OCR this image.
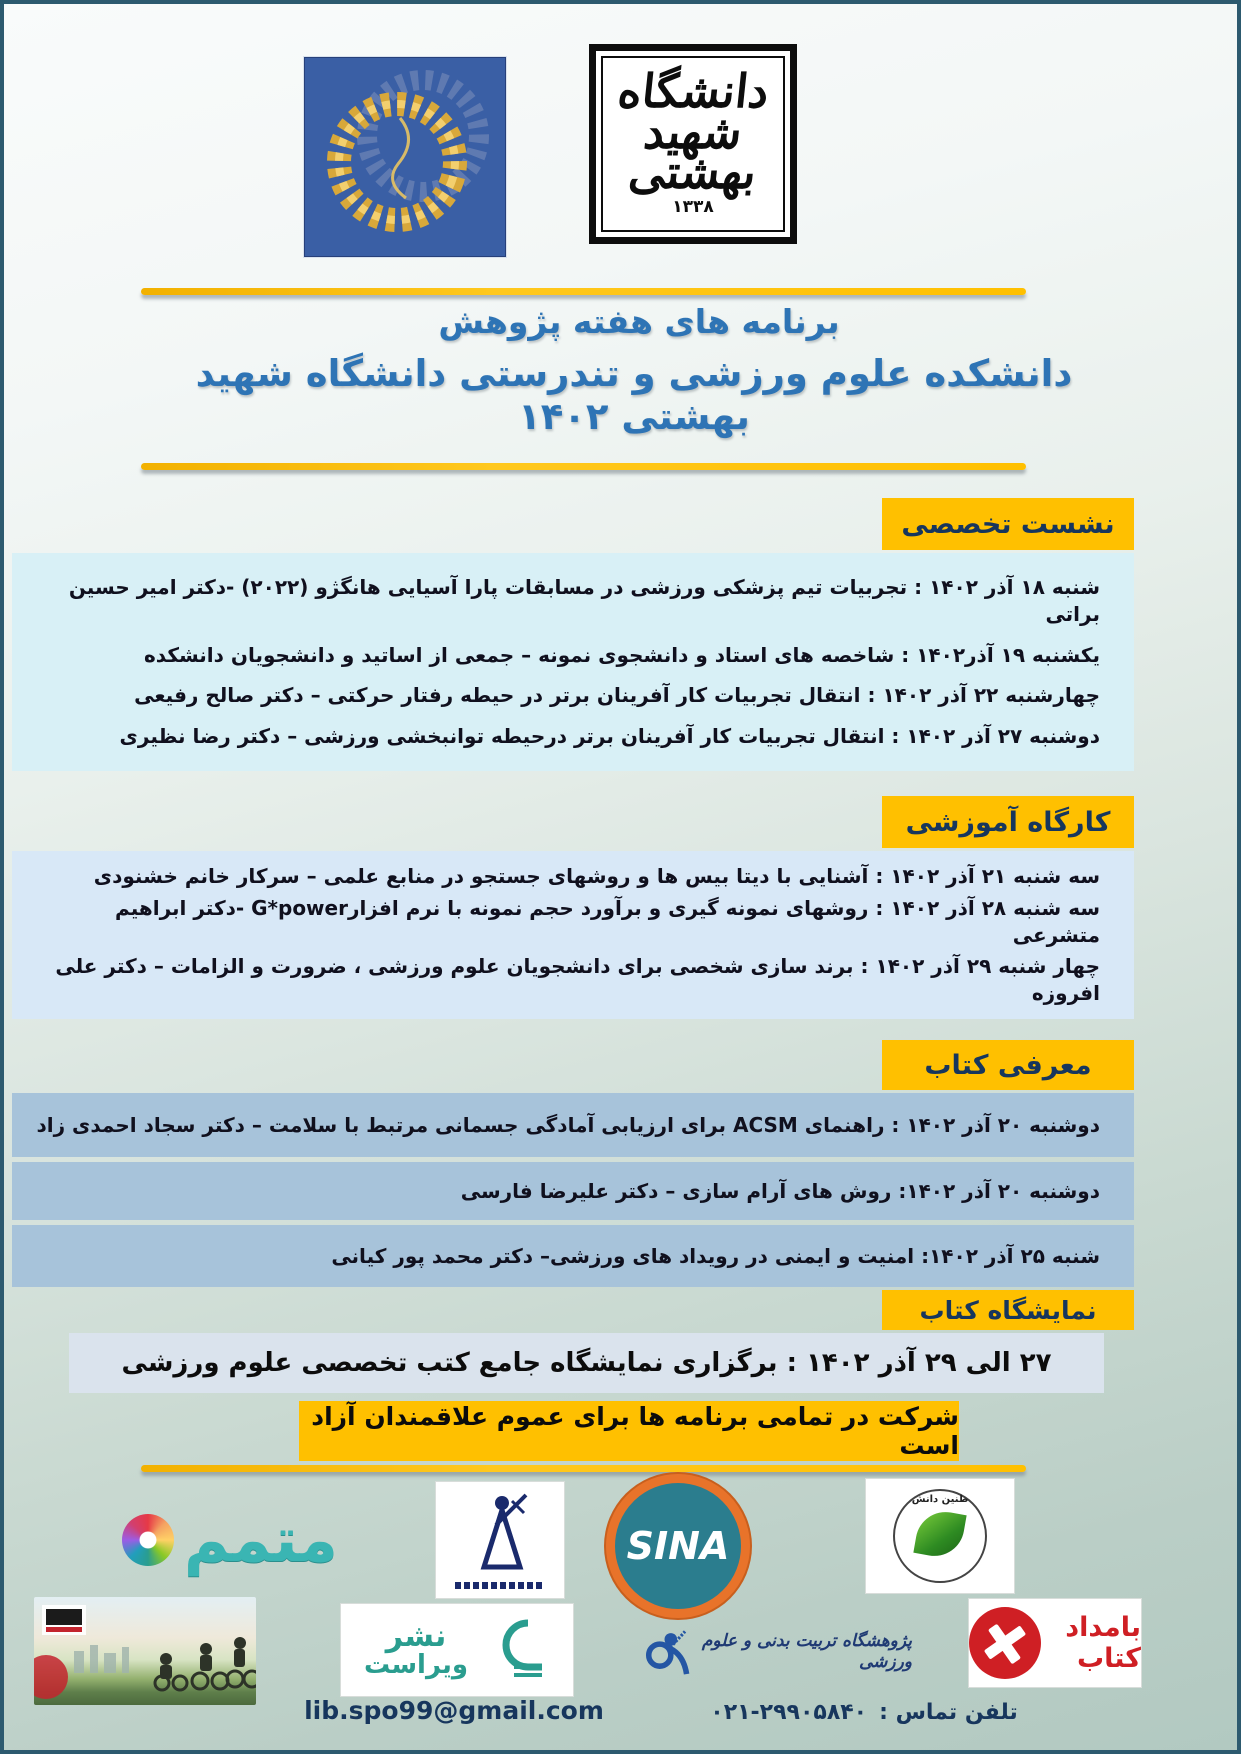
دانشگاه
شهید
بهشتی
۱۳۳۸
برنامه های هفته پژوهش
دانشکده علوم ورزشی و تندرستی دانشگاه شهید بهشتی ۱۴۰۲
نشست تخصصی
شنبه ۱۸ آذر ۱۴۰۲ : تجربیات تیم پزشکی ورزشی در مسابقات پارا آسیایی هانگژو (۲۰۲۲) -دکتر امیر حسین براتی
یکشنبه ۱۹ آذر۱۴۰۲ : شاخصه های استاد و دانشجوی نمونه – جمعی از اساتید و دانشجویان دانشکده
چهارشنبه ۲۲ آذر ۱۴۰۲ : انتقال تجربیات کار آفرینان برتر در حیطه رفتار حرکتی – دکتر صالح رفیعی
دوشنبه ۲۷ آذر ۱۴۰۲ : انتقال تجربیات کار آفرینان برتر درحیطه توانبخشی ورزشی – دکتر رضا نظیری
کارگاه آموزشی
سه شنبه ۲۱ آذر ۱۴۰۲ : آشنایی با دیتا بیس ها و روشهای جستجو در منابع علمی – سرکار خانم خشنودی
سه شنبه ۲۸ آذر ۱۴۰۲ : روشهای نمونه گیری و برآورد حجم نمونه با نرم افزارG*power -دکتر ابراهیم متشرعی
چهار شنبه ۲۹ آذر ۱۴۰۲ : برند سازی شخصی برای دانشجویان علوم ورزشی ، ضرورت و الزامات – دکتر علی افروزه
معرفی کتاب
دوشنبه ۲۰ آذر ۱۴۰۲ : راهنمای ACSM برای ارزیابی آمادگی جسمانی مرتبط با سلامت – دکتر سجاد احمدی زاد
دوشنبه ۲۰ آذر ۱۴۰۲: روش های آرام سازی – دکتر علیرضا فارسی
شنبه ۲۵ آذر ۱۴۰۲: امنیت و ایمنی در رویداد های ورزشی– دکتر محمد پور کیانی
نمایشگاه کتاب
۲۷ الی ۲۹ آذر ۱۴۰۲ : برگزاری نمایشگاه جامع کتب تخصصی علوم ورزشی
شرکت در تمامی برنامه ها برای عموم علاقمندان آزاد است
متمم	SINA
طنین دانش
نشر
ویراست
پژوهشگاه تربیت بدنی و علوم ورزشی
بامداد کتاب
lib.spo99@gmail.com	تلفن تماس :
۰۲۱-۲۹۹۰۵۸۴۰
